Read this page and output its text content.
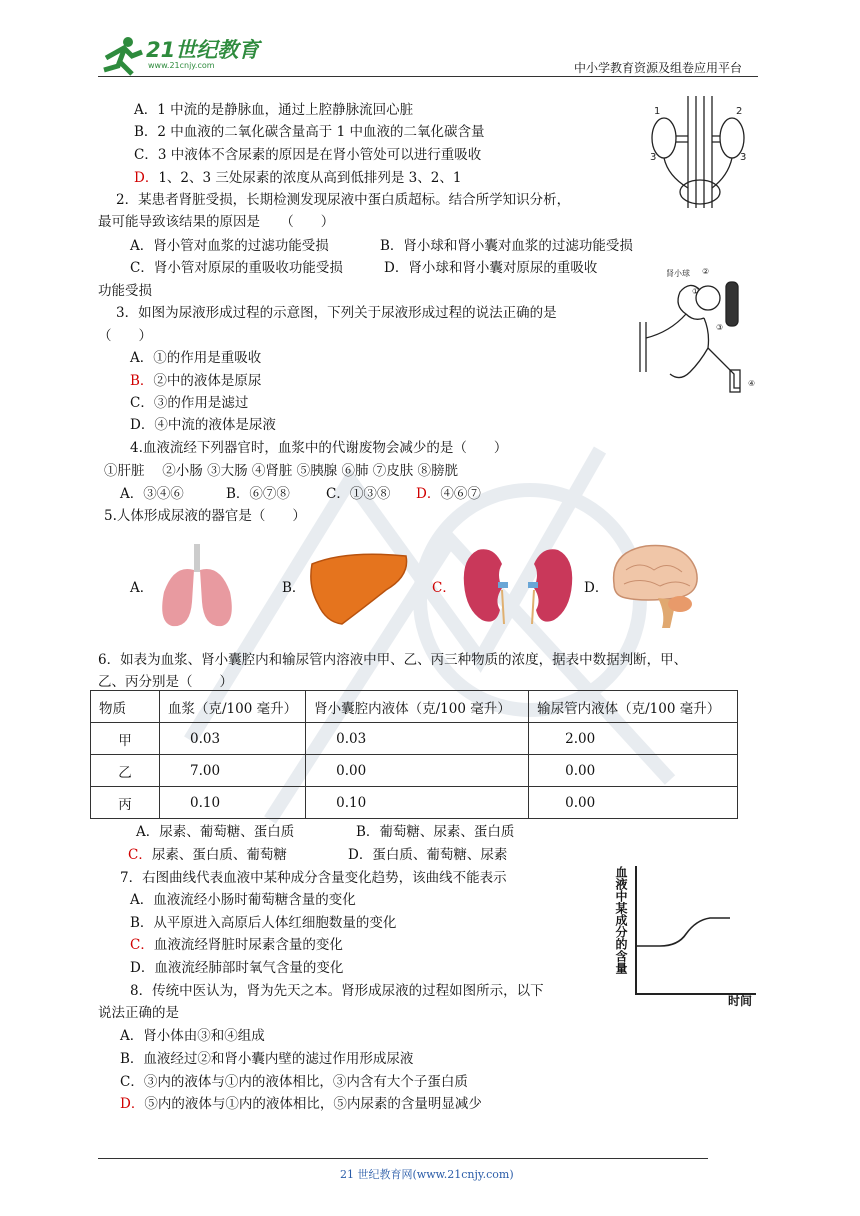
21世纪教育
www.21cnjy.com	中小学教育资源及组卷应用平台
A．1 中流的是静脉血，通过上腔静脉流回心脏
B．2 中血液的二氧化碳含量高于 1 中血液的二氧化碳含量
C．3 中液体不含尿素的原因是在肾小管处可以进行重吸收
D．1、2、3 三处尿素的浓度从高到低排列是 3、2、1
1	2
3	3
2．某患者肾脏受损，长期检测发现尿液中蛋白质超标。结合所学知识分析，
最可能导致该结果的原因是　　（　　）
A．肾小管对血浆的过滤功能受损	B．肾小球和肾小囊对血浆的过滤功能受损
C．肾小管对原尿的重吸收功能受损	D．肾小球和肾小囊对原尿的重吸收
功能受损
3．如图为尿液形成过程的示意图，下列关于尿液形成过程的说法正确的是
（　　）
A．①的作用是重吸收
B．②中的液体是原尿
C．③的作用是滤过
D．④中流的液体是尿液
肾小球 ②
①
③
④
4.血液流经下列器官时，血浆中的代谢废物会减少的是（　　）
①肝脏　 ②小肠 ③大肠 ④肾脏 ⑤胰腺 ⑥肺 ⑦皮肤 ⑧膀胱
A．③④⑥	B．⑥⑦⑧	C．①③⑧ D．④⑥⑦
5.人体形成尿液的器官是（　　）
A．	B．	C．	D．
6．如表为血浆、肾小囊腔内和输尿管内溶液中甲、乙、丙三种物质的浓度，据表中数据判断，甲、
乙、丙分别是（　　）
物质	血浆（克/100 毫升）	肾小囊腔内液体（克/100 毫升）	输尿管内液体（克/100 毫升）
甲	0.03	0.03	2.00
乙	7.00	0.00	0.00
丙	0.10	0.10	0.00
A．尿素、葡萄糖、蛋白质	B．葡萄糖、尿素、蛋白质
C．尿素、蛋白质、葡萄糖	D．蛋白质、葡萄糖、尿素
7．右图曲线代表血液中某种成分含量变化趋势，该曲线不能表示
A．血液流经小肠时葡萄糖含量的变化
B．从平原进入高原后人体红细胞数量的变化
C．血液流经肾脏时尿素含量的变化
D．血液流经肺部时氧气含量的变化	血液中某成分的含量
时间
8．传统中医认为，肾为先天之本。肾形成尿液的过程如图所示，以下
说法正确的是
A．肾小体由③和④组成
B．血液经过②和肾小囊内壁的滤过作用形成尿液
C．③内的液体与①内的液体相比，③内含有大个子蛋白质
D．⑤内的液体与①内的液体相比，⑤内尿素的含量明显减少
21 世纪教育网(www.21cnjy.com)
